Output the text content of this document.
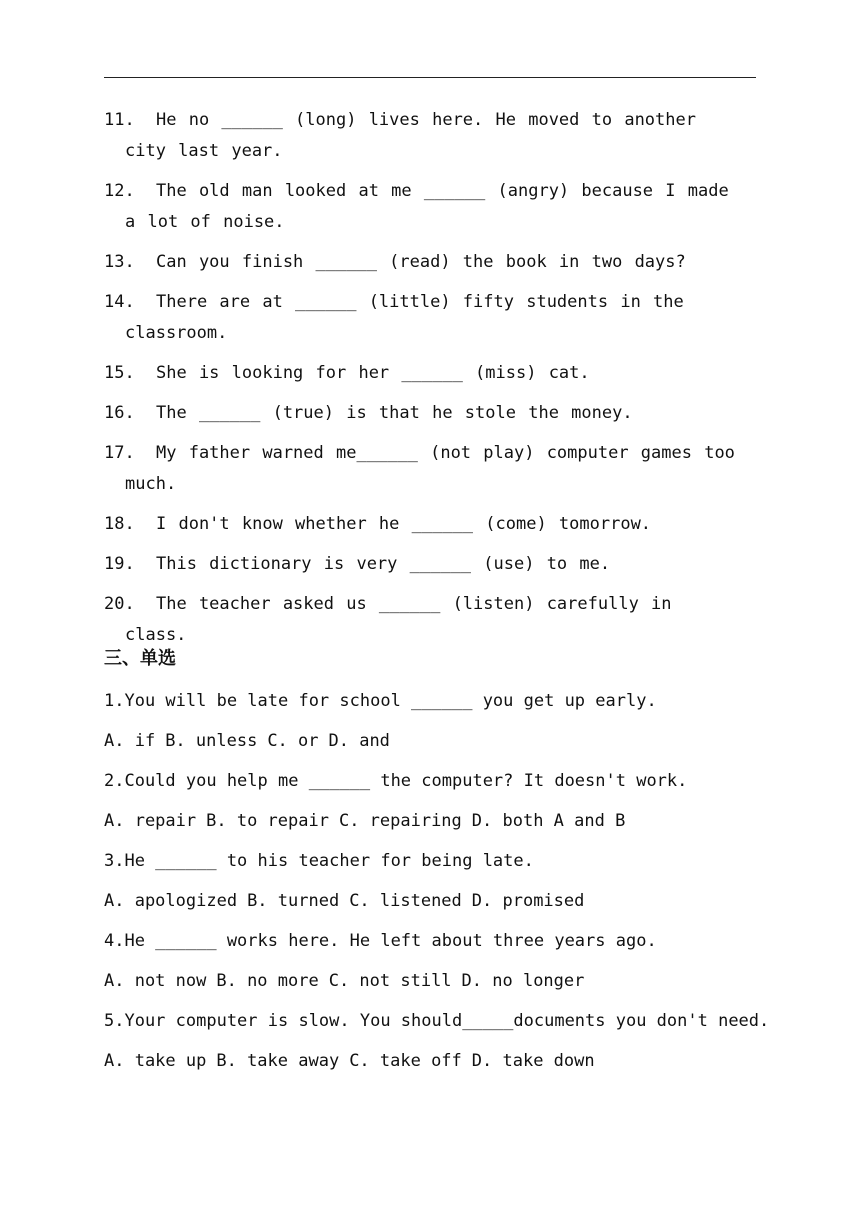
11. He no ______ (long) lives here. He moved to another city last year.
12. The old man looked at me ______ (angry) because I made a lot of noise.
13. Can you finish ______ (read) the book in two days?
14. There are at ______ (little) fifty students in the classroom.
15. She is looking for her ______ (miss) cat.
16. The ______ (true) is that he stole the money.
17. My father warned me______ (not play) computer games too much.
18. I don't know whether he ______ (come) tomorrow.
19. This dictionary is very ______ (use) to me.
20. The teacher asked us ______ (listen) carefully in class.
三、单选
1.You will be late for school ______ you get up early.
A. if B. unless C. or D. and
2.Could you help me ______ the computer? It doesn't work.
A. repair B. to repair C. repairing D. both A and B
3.He ______ to his teacher for being late.
A. apologized B. turned C. listened D. promised
4.He ______ works here. He left about three years ago.
A. not now B. no more C. not still D. no longer
5.Your computer is slow. You should_____documents you don't need.
A. take up B. take away C. take off D. take down
